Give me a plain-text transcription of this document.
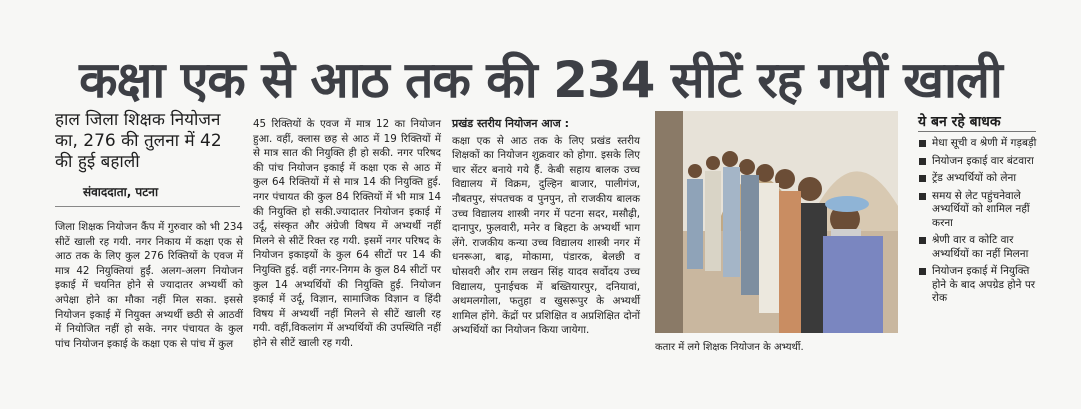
कक्षा एक से आठ तक की 234 सीटें रह गयीं खाली
हाल जिला शिक्षक नियोजन का, 276 की तुलना में 42 की हुई बहाली
संवाददाता, पटना
जिला शिक्षक नियोजन कैंप में गुरुवार को भी 234 सीटें खाली रह गयी. नगर निकाय में कक्षा एक से आठ तक के लिए कुल 276 रिक्तियों के एवज में मात्र 42 नियुक्तियां हुईं. अलग-अलग नियोजन इकाई में चयनित होने से ज्यादातर अभ्यर्थी को अपेक्षा होने का मौका नहीं मिल सका. इससे नियोजन इकाई में नियुक्त अभ्यर्थी छठी से आठवीं में नियोजित नहीं हो सके. नगर पंचायत के कुल पांच नियोजन इकाई के कक्षा एक से पांच में कुल
45 रिक्तियों के एवज में मात्र 12 का नियोजन हुआ. वहीं, क्लास छह से आठ में 19 रिक्तियों में से मात्र सात की नियुक्ति ही हो सकी. नगर परिषद की पांच नियोजन इकाई में कक्षा एक से आठ में कुल 64 रिक्तियों में से मात्र 14 की नियुक्ति हुई. नगर पंचायत की कुल 84 रिक्तियों में भी मात्र 14 की नियुक्ति हो सकी.ज्यादातर नियोजन इकाई में उर्दू, संस्कृत और अंग्रेजी विषय में अभ्यर्थी नहीं मिलने से सीटें रिक्त रह गयी. इसमें नगर परिषद के नियोजन इकाइयों के कुल 64 सीटों पर 14 की नियुक्ति हुई. वहीं नगर-निगम के कुल 84 सीटों पर कुल 14 अभ्यर्थियों की नियुक्ति हुई. नियोजन इकाई में उर्दू, विज्ञान, सामाजिक विज्ञान व हिंदी विषय में अभ्यर्थी नहीं मिलने से सीटें खाली रह गयी. वहीं,विकलांग में अभ्यर्थियों की उपस्थिति नहीं होने से सीटें खाली रह गयी.
प्रखंड स्तरीय नियोजन आज :
कक्षा एक से आठ तक के लिए प्रखंड स्तरीय शिक्षकों का नियोजन शुक्रवार को होगा. इसके लिए चार सेंटर बनाये गये हैं. केबी सहाय बालक उच्च विद्यालय में विक्रम, दुल्हिन बाजार, पालीगंज, नौबतपुर, संपतचक व पुनपुन, तो राजकीय बालक उच्च विद्यालय शास्त्री नगर में पटना सदर, मसौढ़ी, दानापुर, फुलवारी, मनेर व बिहटा के अभ्यर्थी भाग लेंगे. राजकीय कन्या उच्च विद्यालय शास्त्री नगर में धनरूआ, बाढ़, मोकामा, पंडारक, बेलछी व घोसवरी और राम लखन सिंह यादव सर्वोदय उच्च विद्यालय, पुनाईचक में बख्तियारपुर, दनियावां, अथमलगोला, फतुहा व खुसरूपुर के अभ्यर्थी शामिल होंगे. केंद्रों पर प्रशिक्षित व अप्रशिक्षित दोनों अभ्यर्थियों का नियोजन किया जायेगा.
कतार में लगे शिक्षक नियोजन के अभ्यर्थी.
ये बन रहे बाधक
मेधा सूची व श्रेणी में गड़बड़ी
नियोजन इकाई वार बंटवारा
ट्रेंड अभ्यर्थियों को लेना
समय से लेट पहुंचनेवाले अभ्यर्थियों को शामिल नहीं करना
श्रेणी वार व कोटि वार अभ्यर्थियों का नहीं मिलना
नियोजन इकाई में नियुक्ति होने के बाद अपग्रेड होने पर रोक
